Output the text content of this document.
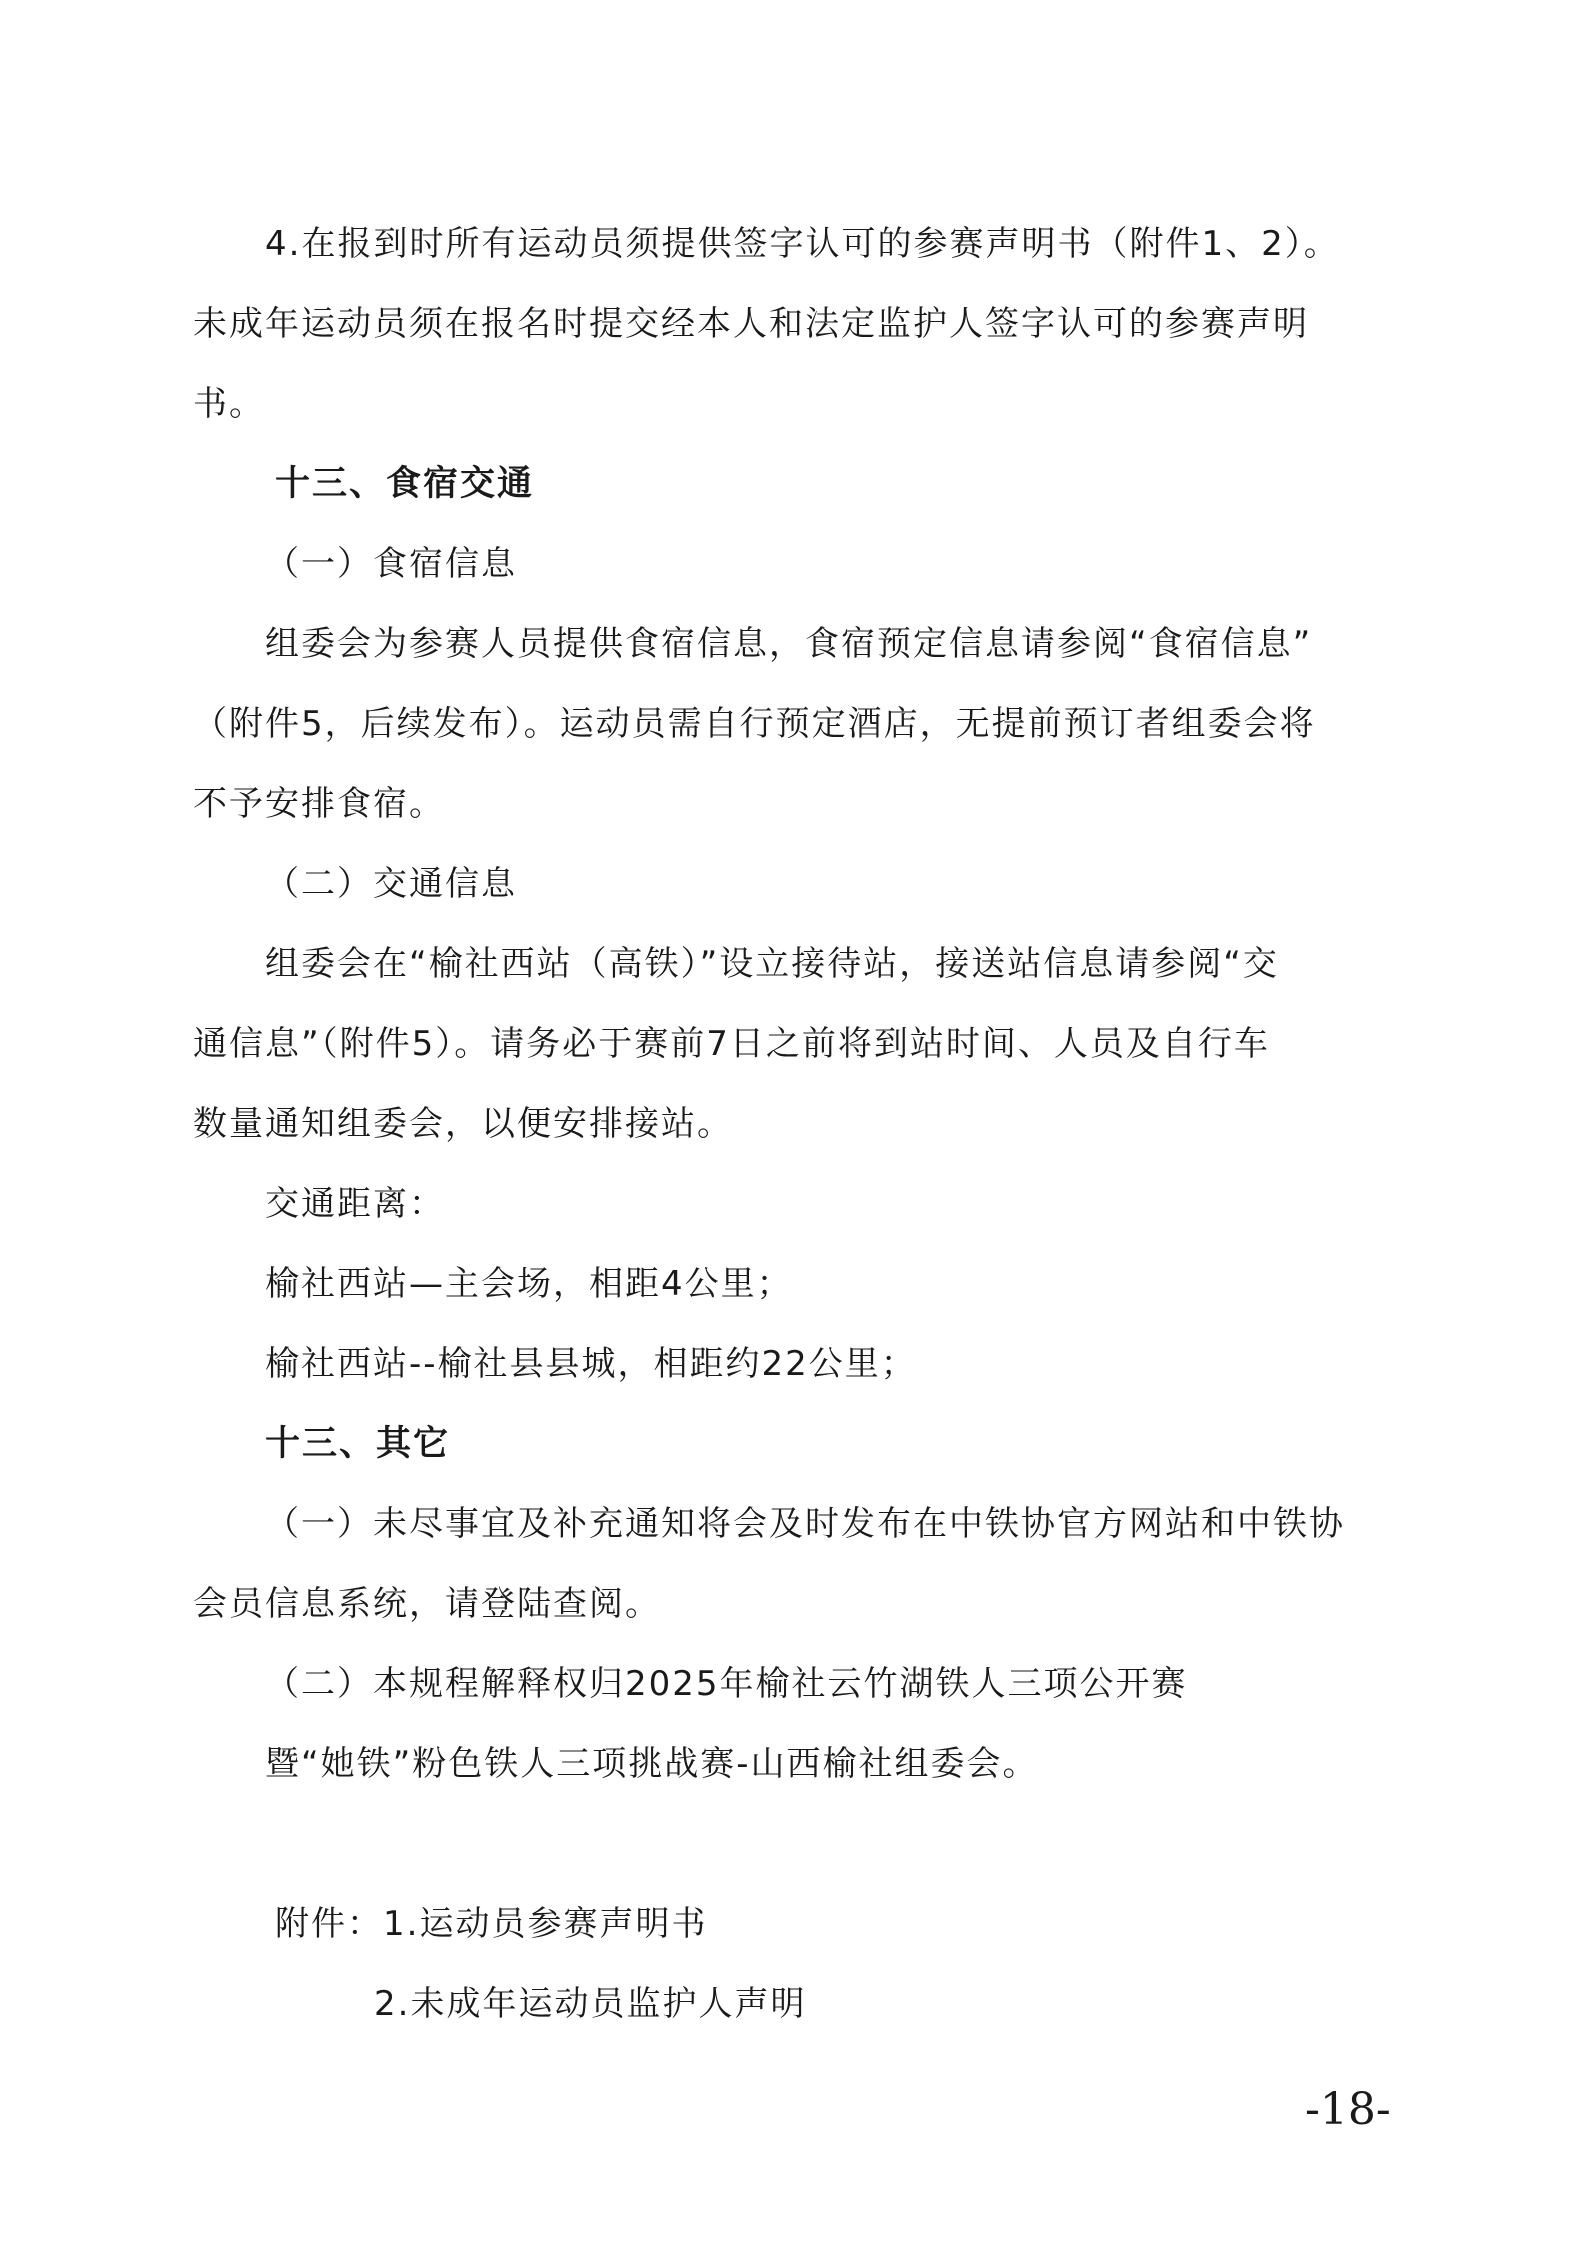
4.在报到时所有运动员须提供签字认可的参赛声明书（附件1、2）。
未成年运动员须在报名时提交经本人和法定监护人签字认可的参赛声明
书。
十三、食宿交通
（一）食宿信息
组委会为参赛人员提供食宿信息，食宿预定信息请参阅“食宿信息”
（附件5，后续发布）。运动员需自行预定酒店，无提前预订者组委会将
不予安排食宿。
（二）交通信息
组委会在“榆社西站（高铁）”设立接待站，接送站信息请参阅“交
通信息”（附件5）。请务必于赛前7日之前将到站时间、人员及自行车
数量通知组委会，以便安排接站。
交通距离：
榆社西站—主会场，相距4公里；
榆社西站--榆社县县城，相距约22公里；
十三、其它
（一）未尽事宜及补充通知将会及时发布在中铁协官方网站和中铁协
会员信息系统，请登陆查阅。
（二）本规程解释权归2025年榆社云竹湖铁人三项公开赛
暨“她铁”粉色铁人三项挑战赛-山西榆社组委会。
附件：1.运动员参赛声明书
2.未成年运动员监护人声明
-18-
